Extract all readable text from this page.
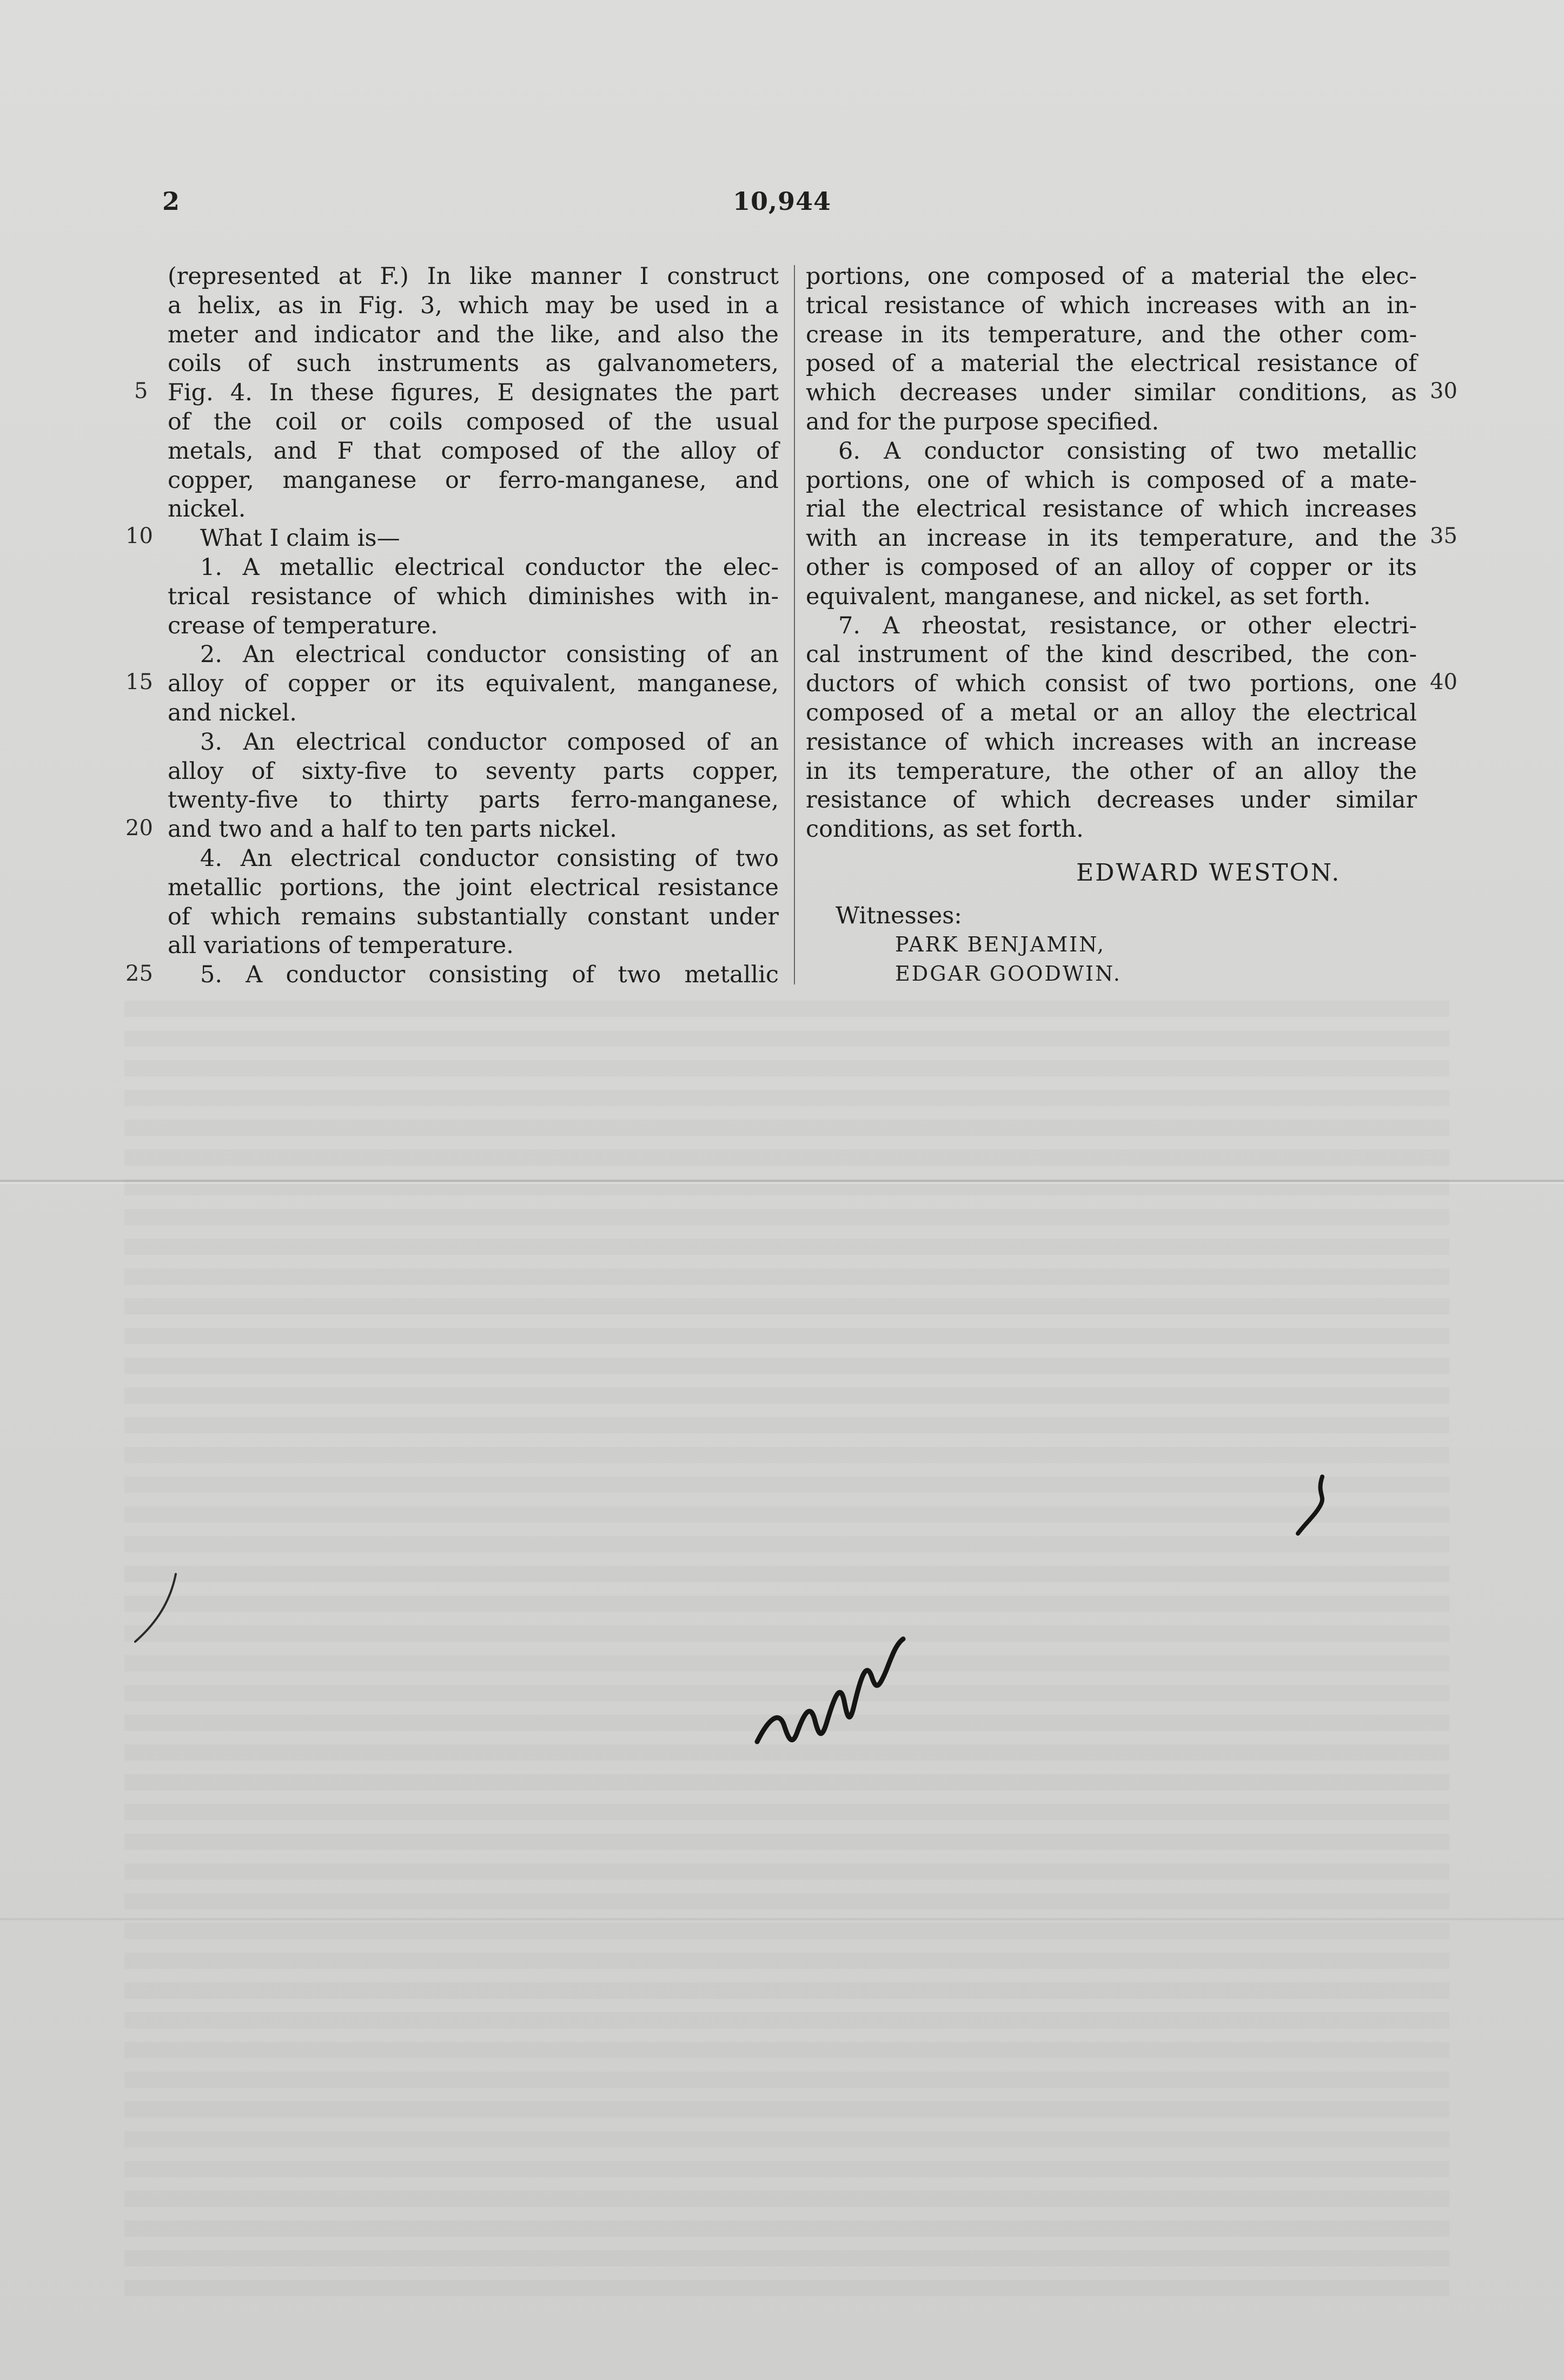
2	10,944
(represented at F.) In like manner I construct
a helix, as in Fig. 3, which may be used in a
meter and indicator and the like, and also the
coils of such instruments as galvanometers,
Fig. 4. In these figures, E designates the part
of the coil or coils composed of the usual
metals, and F that composed of the alloy of
copper, manganese or ferro-manganese, and
nickel.
What I claim is—
1. A metallic electrical conductor the elec-
trical resistance of which diminishes with in-
crease of temperature.
2. An electrical conductor consisting of an
alloy of copper or its equivalent, manganese,
and nickel.
3. An electrical conductor composed of an
alloy of sixty-five to seventy parts copper,
twenty-five to thirty parts ferro-manganese,
and two and a half to ten parts nickel.
4. An electrical conductor consisting of two
metallic portions, the joint electrical resistance
of which remains substantially constant under
all variations of temperature.
5. A conductor consisting of two metallic
portions, one composed of a material the elec-
trical resistance of which increases with an in-
crease in its temperature, and the other com-
posed of a material the electrical resistance of
which decreases under similar conditions, as
and for the purpose specified.
6. A conductor consisting of two metallic
portions, one of which is composed of a mate-
rial the electrical resistance of which increases
with an increase in its temperature, and the
other is composed of an alloy of copper or its
equivalent, manganese, and nickel, as set forth.
7. A rheostat, resistance, or other electri-
cal instrument of the kind described, the con-
ductors of which consist of two portions, one
composed of a metal or an alloy the electrical
resistance of which increases with an increase
in its temperature, the other of an alloy the
resistance of which decreases under similar
conditions, as set forth.
5
10
15
20
25
30
35
40
EDWARD WESTON.
Witnesses:
PARK BENJAMIN,
EDGAR GOODWIN.
